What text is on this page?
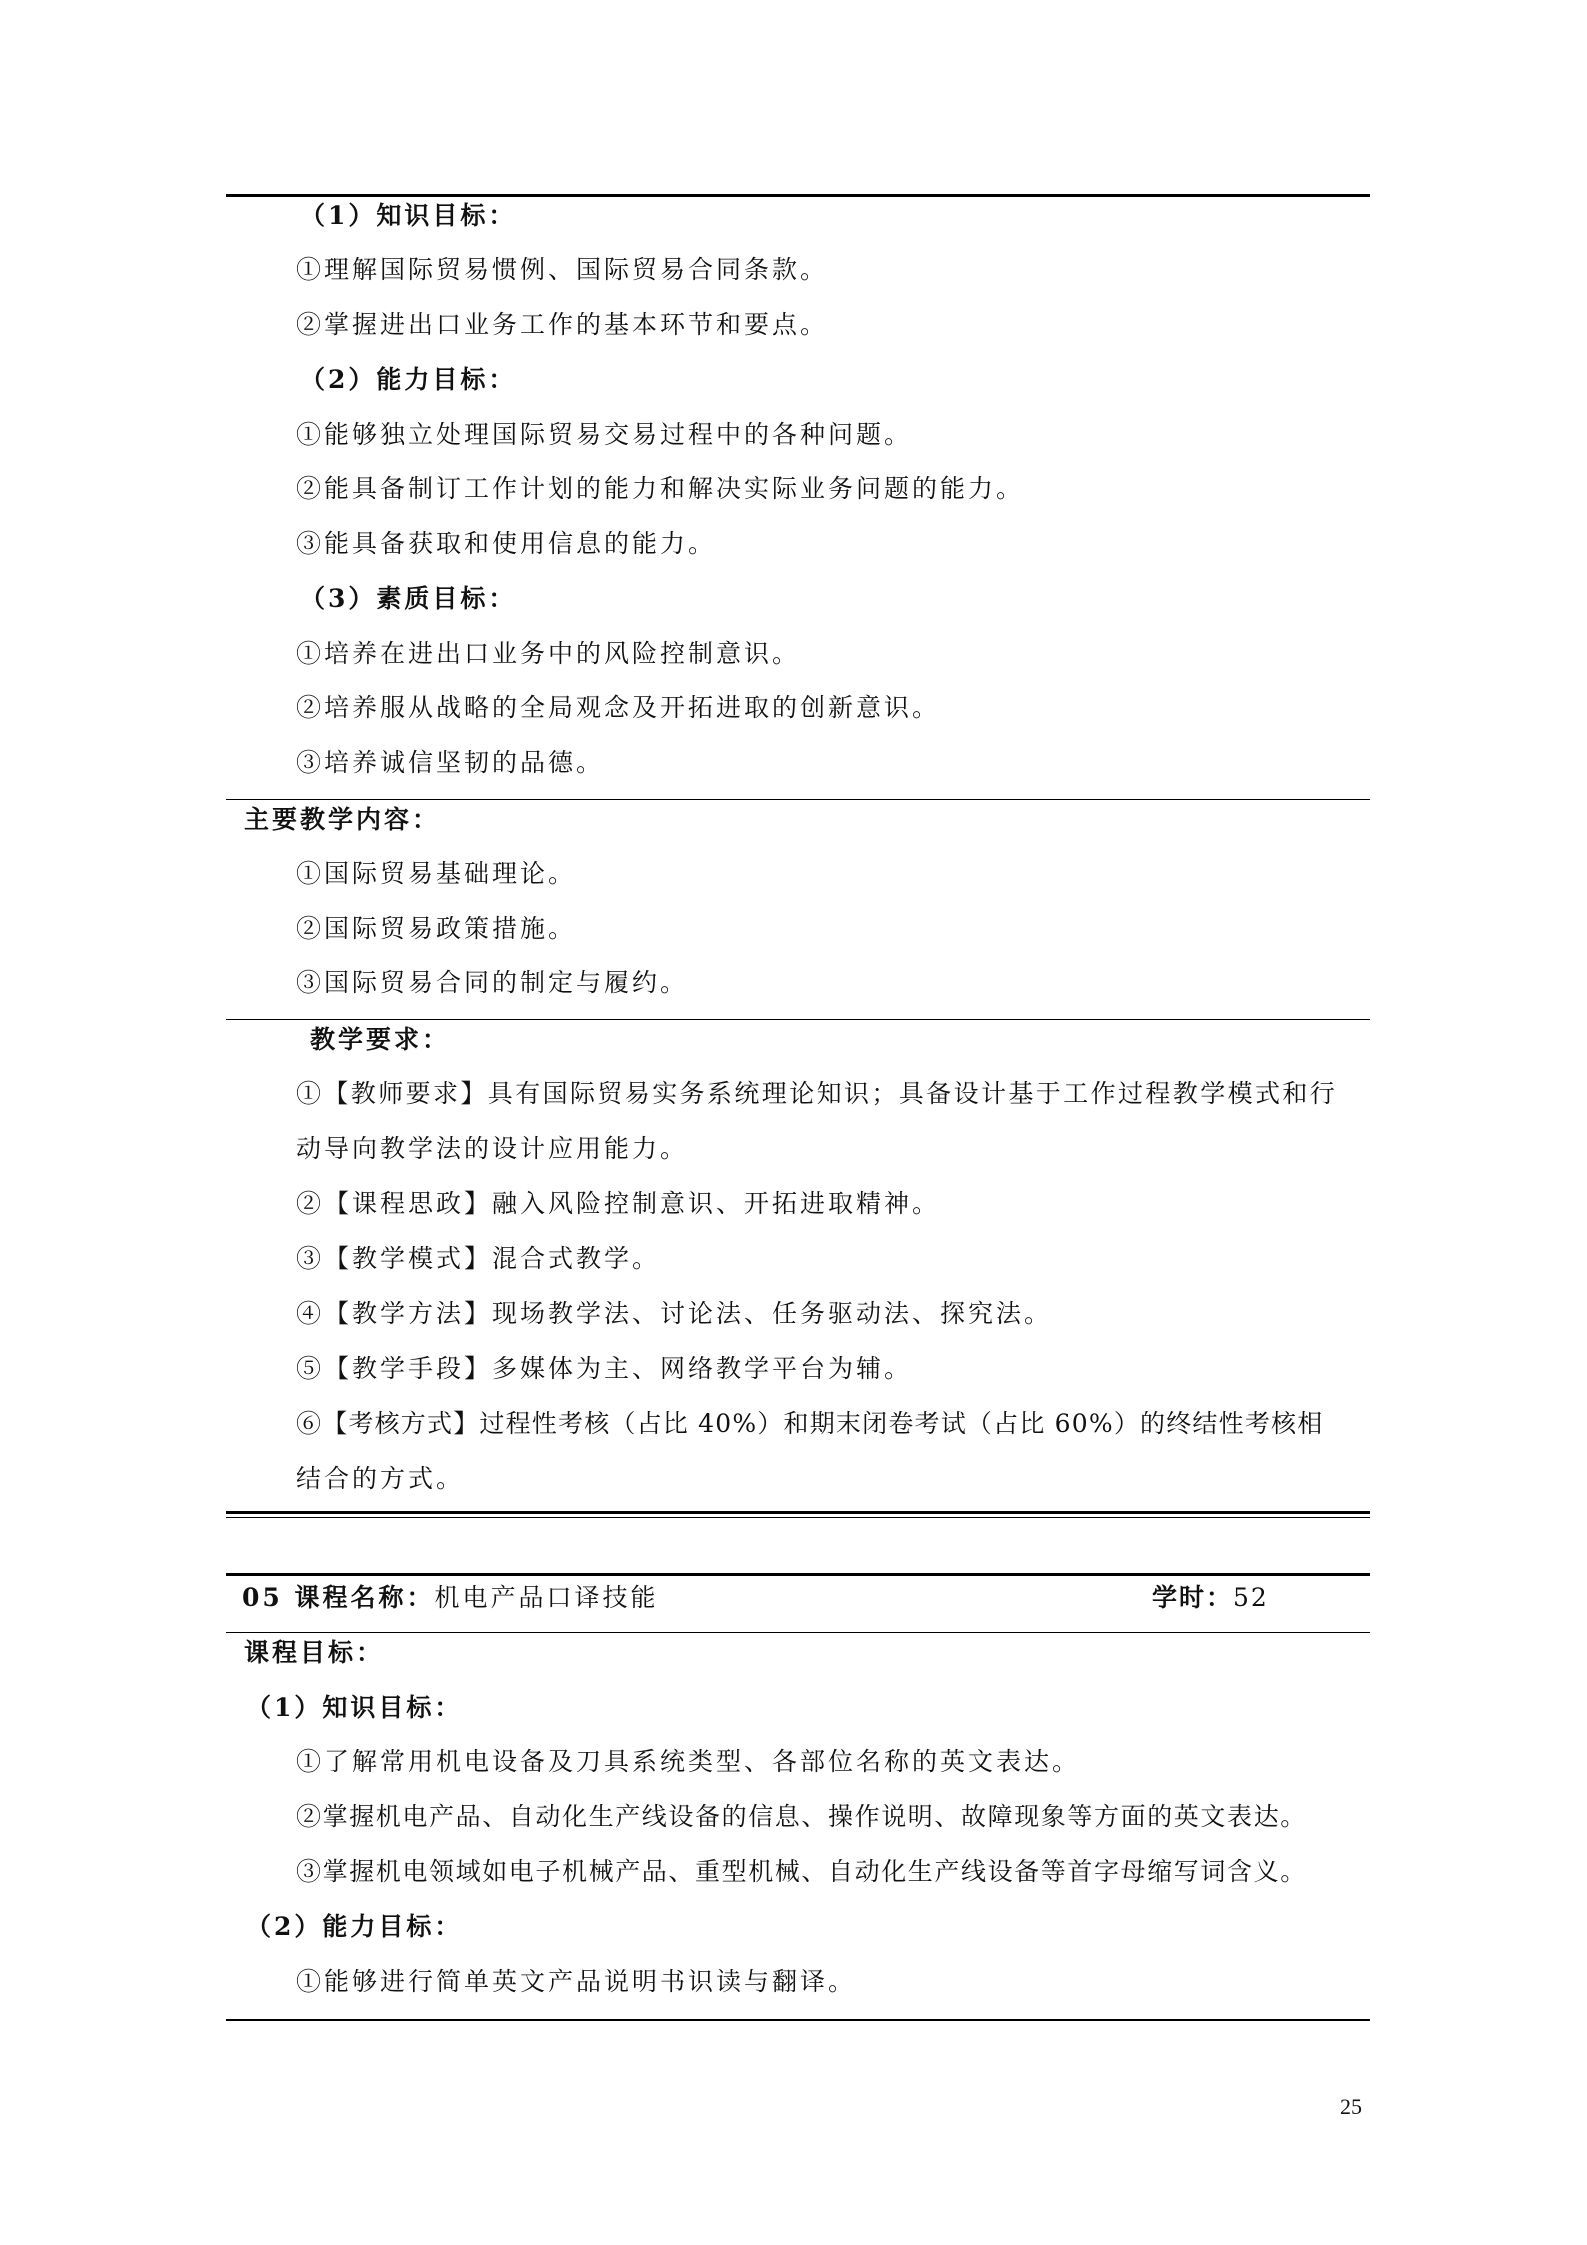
（1）知识目标：
①理解国际贸易惯例、国际贸易合同条款。
②掌握进出口业务工作的基本环节和要点。
（2）能力目标：
①能够独立处理国际贸易交易过程中的各种问题。
②能具备制订工作计划的能力和解决实际业务问题的能力。
③能具备获取和使用信息的能力。
（3）素质目标：
①培养在进出口业务中的风险控制意识。
②培养服从战略的全局观念及开拓进取的创新意识。
③培养诚信坚韧的品德。
主要教学内容：
①国际贸易基础理论。
②国际贸易政策措施。
③国际贸易合同的制定与履约。
教学要求：
①【教师要求】具有国际贸易实务系统理论知识；具备设计基于工作过程教学模式和行
动导向教学法的设计应用能力。
②【课程思政】融入风险控制意识、开拓进取精神。
③【教学模式】混合式教学。
④【教学方法】现场教学法、讨论法、任务驱动法、探究法。
⑤【教学手段】多媒体为主、网络教学平台为辅。
⑥【考核方式】过程性考核（占比 40%）和期末闭卷考试（占比 60%）的终结性考核相
结合的方式。
05 课程名称：机电产品口译技能	学时：52
课程目标：
（1）知识目标：
①了解常用机电设备及刀具系统类型、各部位名称的英文表达。
②掌握机电产品、自动化生产线设备的信息、操作说明、故障现象等方面的英文表达。
③掌握机电领域如电子机械产品、重型机械、自动化生产线设备等首字母缩写词含义。
（2）能力目标：
①能够进行简单英文产品说明书识读与翻译。
25
